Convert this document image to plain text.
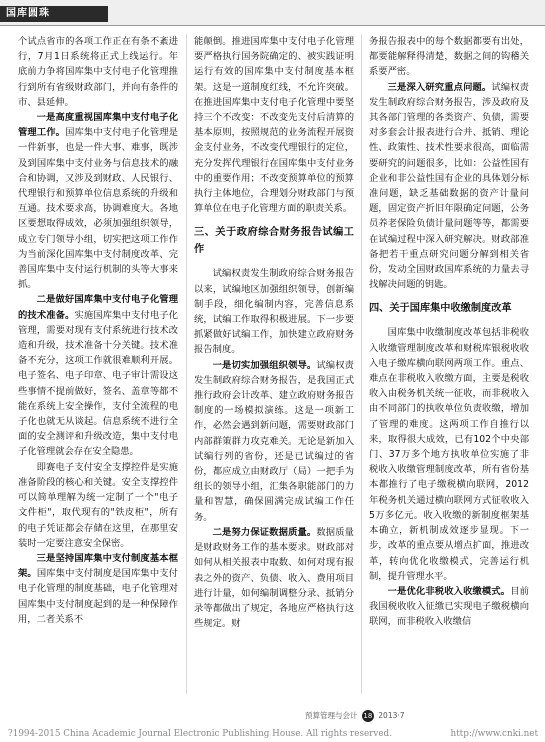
国库圆珠

个试点省市的各项工作正在有条不紊进行，7月1日系统将正式上线运行。年底前力争将国库集中支付电子化管理推行到所有省级财政部门，并向有条件的市、县延伸。

一是高度重视国库集中支付电子化管理工作。国库集中支付电子化管理是一件新事，也是一件大事、难事，既涉及到国库集中支付业务与信息技术的融合和协调，又涉及到财政、人民银行、代理银行和预算单位信息系统的升级和互通。技术要求高，协调难度大。各地区要想取得成效，必须加强组织领导，成立专门领导小组，切实把这项工作作为当前深化国库集中支付制度改革、完善国库集中支付运行机制的头等大事来抓。

二是做好国库集中支付电子化管理的技术准备。实施国库集中支付电子化管理，需要对现有支付系统进行技术改造和升级，技术准备十分关键。技术准备不充分，这项工作就很难顺利开展。电子签名、电子印章、电子审计需设这些事情不提前做好，签名、盖章等都不能在系统上安全操作，支付全流程的电子化也就无从谈起。信息系统不进行全面的安全测评和升级改造，集中支付电子化管理就会存在安全隐患。

即赛电子支付安全支撑控件是实施准备阶段的核心和关键。安全支撑控件可以简单理解为统一定制了一个"电子文件柜"，取代现有的"铁皮柜"，所有的电子凭证都会存储在这里，在那里安装时一定要注意安全保密。

三是坚持国库集中支付制度基本框架。国库集中支付制度是国库集中支付电子化管理的制度基础，电子化管理对国库集中支付制度起到的是一种保障作用，二者关系不

能颠倒。推进国库集中支付电子化管理要严格执行国务院确定的、被实践证明运行有效的国库集中支付制度基本框架。这是一道制度红线，不允许突破。在推进国库集中支付电子化管理中要坚持三个不改变：不改变先支付后清算的基本原则，按照规范的业务流程开展资金支付业务，不改变代理银行的定位，充分发挥代理银行在国库集中支付业务中的重要作用；不改变预算单位的预算执行主体地位，合理划分财政部门与预算单位在电子化管理方面的职责关系。

三、关于政府综合财务报告试编工作

试编权责发生制政府综合财务报告以来，试编地区加强组织领导，创新编制手段，细化编制内容，完善信息系统，试编工作取得积极进展。下一步要抓紧做好试编工作，加快建立政府财务报告制度。

一是切实加强组织领导。试编权责发生制政府综合财务报告，是我国正式推行政府会计改革、建立政府财务报告制度的一场模拟演练。这是一项新工作，必然会遇到新问题，需要财政部门内部群策群力攻克难关。无论是新加入试编行列的省份，还是已试编过的省份，都应成立由财政厅（局）一把手为组长的领导小组，汇集各职能部门的力量和智慧，确保圆满完成试编工作任务。

二是努力保证数据质量。数据质量是财政财务工作的基本要求。财政部对如何从相关报表中取数、如何对现有报表之外的资产、负债、收入、费用项目进行计量，如何编制调整分录、抵销分录等都做出了规定，各地应严格执行这些规定。财

务报告报表中的每个数据都要有出处，都要能解释得清楚，数据之间的钩稽关系要严密。

三是深入研究重点问题。试编权责发生制政府综合财务报告，涉及政府及其各部门管理的各类资产、负债，需要对多套会计报表进行合并、抵销、理论性、政策性、技术性要求很高，面临需要研究的问题很多，比如：公益性国有企业和非公益性国有企业的具体划分标准问题，缺乏基础数据的资产计量问题，固定资产折旧年限确定问题，公务员养老保险负债计量问题等等，都需要在试编过程中深入研究解决。财政部准备把若干重点研究问题分解到相关省份，发动全国财政国库系统的力量去寻找解决问题的钥匙。

四、关于国库集中收缴制度改革

国库集中收缴制度改革包括非税收入收缴管理制度改革和财税库银税收收入电子缴库横向联网两项工作。重点、难点在非税收入收缴方面，主要是税收收入由税务机关统一征收，而非税收入由不同部门的执收单位负责收缴，增加了管理的难度。这两项工作自推行以来，取得很大成效，已有102个中央部门、37万多个地方执收单位实施了非税收入收缴管理制度改革，所有省份基本都推行了电子缴税横向联网，2012年税务机关通过横向联网方式征收收入5万多亿元。收入收缴的新制度框架基本确立，新机制成效逐步显现。下一步，改革的重点要从增点扩面，推进改革，转向优化收缴模式，完善运行机制，提升管理水平。

一是优化非税收入收缴模式。目前我国税收收入征缴已实现电子缴税横向联网，而非税收入收缴信

预算管理与会计 18 2013·7
?1994-2015 China Academic Journal Electronic Publishing House. All rights reserved.	http://www.cnki.net
